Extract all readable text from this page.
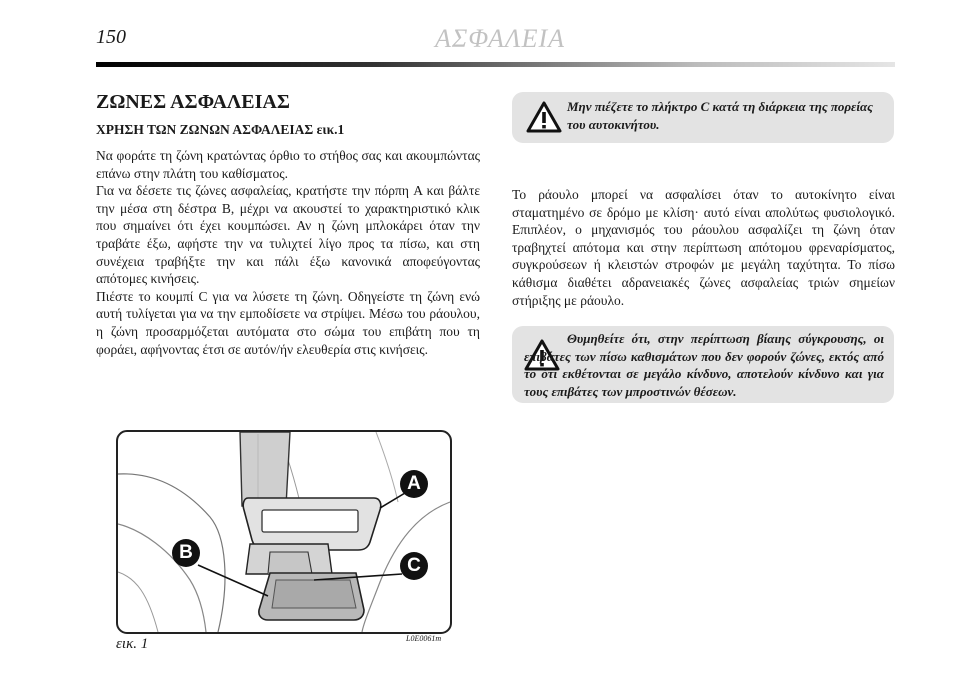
150	ΑΣΦΑΛΕΙΑ
ΖΩΝΕΣ ΑΣΦΑΛΕΙΑΣ
ΧΡΗΣΗ ΤΩΝ ΖΩΝΩΝ ΑΣΦΑΛΕΙΑΣ εικ.1

Να φοράτε τη ζώνη κρατώντας όρθιο το στήθος σας και ακουμπώντας επάνω στην πλάτη του καθίσματος.

Για να δέσετε τις ζώνες ασφαλείας, κρατήστε την πόρπη A και βάλτε την μέσα στη δέστρα B, μέχρι να ακουστεί το χαρακτηριστικό κλικ που σημαίνει ότι έχει κουμπώσει. Αν η ζώνη μπλοκάρει όταν την τραβάτε έξω, αφήστε την να τυλιχτεί λίγο προς τα πίσω, και στη συνέχεια τραβήξτε την και πάλι έξω κανονικά αποφεύγοντας απότομες κινήσεις.

Πιέστε το κουμπί C για να λύσετε τη ζώνη. Οδηγείστε τη ζώνη ενώ αυτή τυλίγεται για να την εμποδίσετε να στρίψει. Μέσω του ράουλου, η ζώνη προσαρμόζεται αυτόματα στο σώμα του επιβάτη που τη φοράει, αφήνοντας έτσι σε αυτόν/ήν ελευθερία στις κινήσεις.

Μην πιέζετε το πλήκτρο C κατά τη διάρκεια της πορείας του αυτοκινήτου.

Το ράουλο μπορεί να ασφαλίσει όταν το αυτοκίνητο είναι σταματημένο σε δρόμο με κλίση· αυτό είναι απολύτως φυσιολογικό. Επιπλέον, ο μηχανισμός του ράουλου ασφαλίζει τη ζώνη όταν τραβηχτεί απότομα και στην περίπτωση απότομου φρεναρίσματος, συγκρούσεων ή κλειστών στροφών με μεγάλη ταχύτητα. Το πίσω κάθισμα διαθέτει αδρανειακές ζώνες ασφαλείας τριών σημείων στήριξης με ράουλο.

Θυμηθείτε ότι, στην περίπτωση βίαιης σύγκρουσης, οι επιβάτες των πίσω καθισμάτων που δεν φορούν ζώνες, εκτός από το ότι εκθέτονται σε μεγάλο κίνδυνο, αποτελούν κίνδυνο και για τους επιβάτες των μπροστινών θέσεων.
A
B
C
εικ. 1	L0E0061m
